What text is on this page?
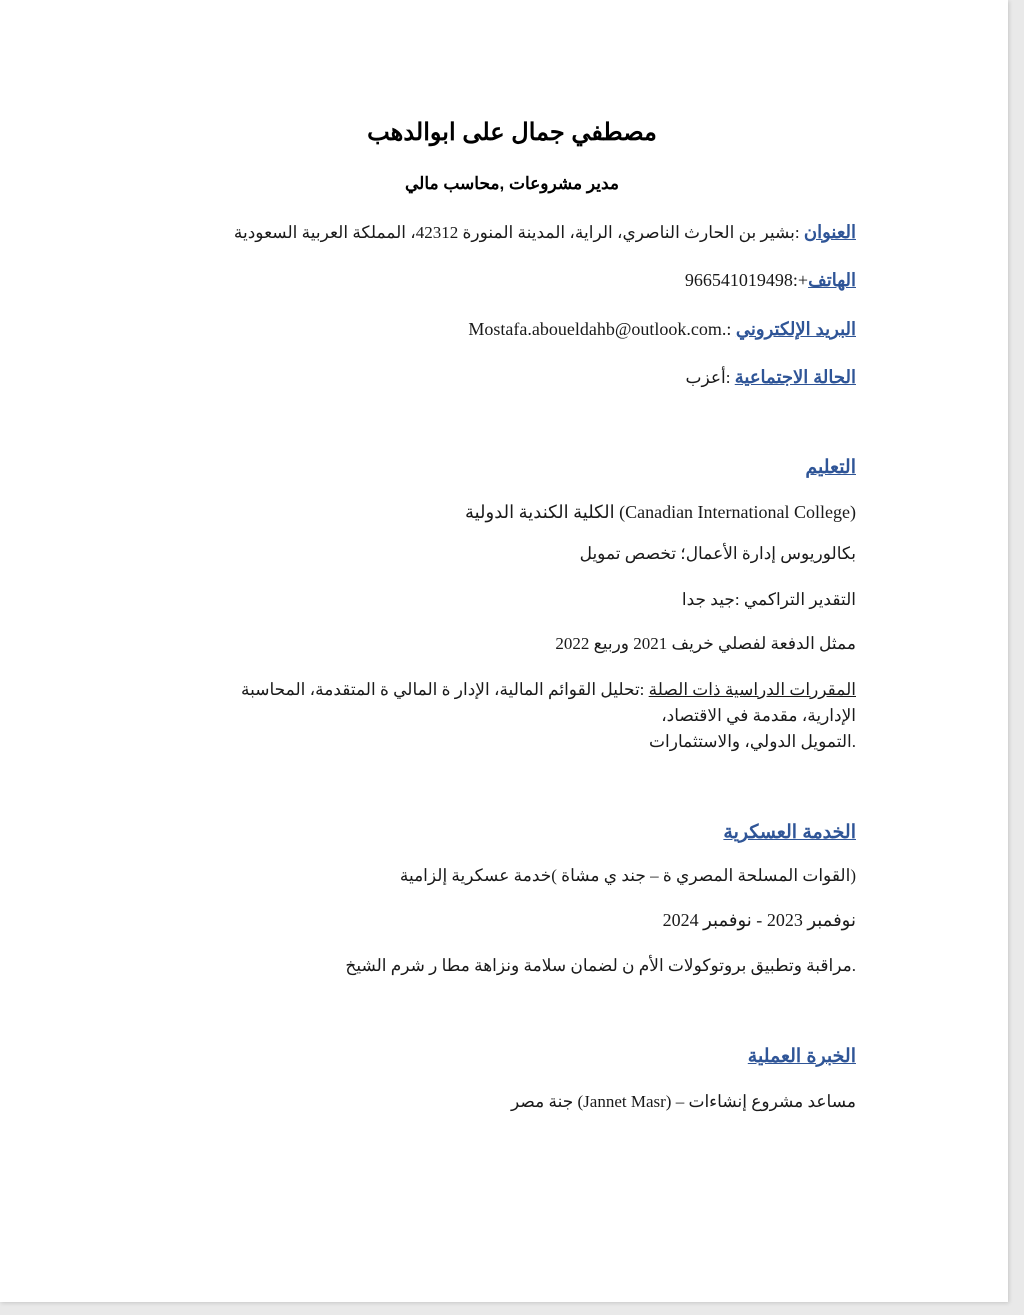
مصطفي جمال على ابوالدهب
مدير مشروعات ,محاسب مالي
العنوان :بشير بن الحارث الناصري، الراية، المدينة المنورة 42312، المملكة العربية السعودية
الهاتف+:966541019498
البريد الإلكتروني :.Mostafa.aboueldahb@outlook.com
الحالة الاجتماعية :أعزب
التعليم
(Canadian International College) الكلية الكندية الدولية
بكالوريوس إدارة الأعمال؛ تخصص تمويل
التقدير التراكمي :جيد جدا
ممثل الدفعة لفصلي خريف 2021 وربيع 2022
المقررات الدراسية ذات الصلة :تحليل القوائم المالية، الإدار ة المالي ة المتقدمة، المحاسبة الإدارية، مقدمة في الاقتصاد،
.التمويل الدولي، والاستثمارات
الخدمة العسكرية
(القوات المسلحة المصري ة – جند ي مشاة )خدمة عسكرية إلزامية
نوفمبر 2023 - نوفمبر 2024
.مراقبة وتطبيق بروتوكولات الأم ن لضمان سلامة ونزاهة مطا ر شرم الشيخ
الخبرة العملية
مساعد مشروع إنشاءات – (Jannet Masr) جنة مصر
